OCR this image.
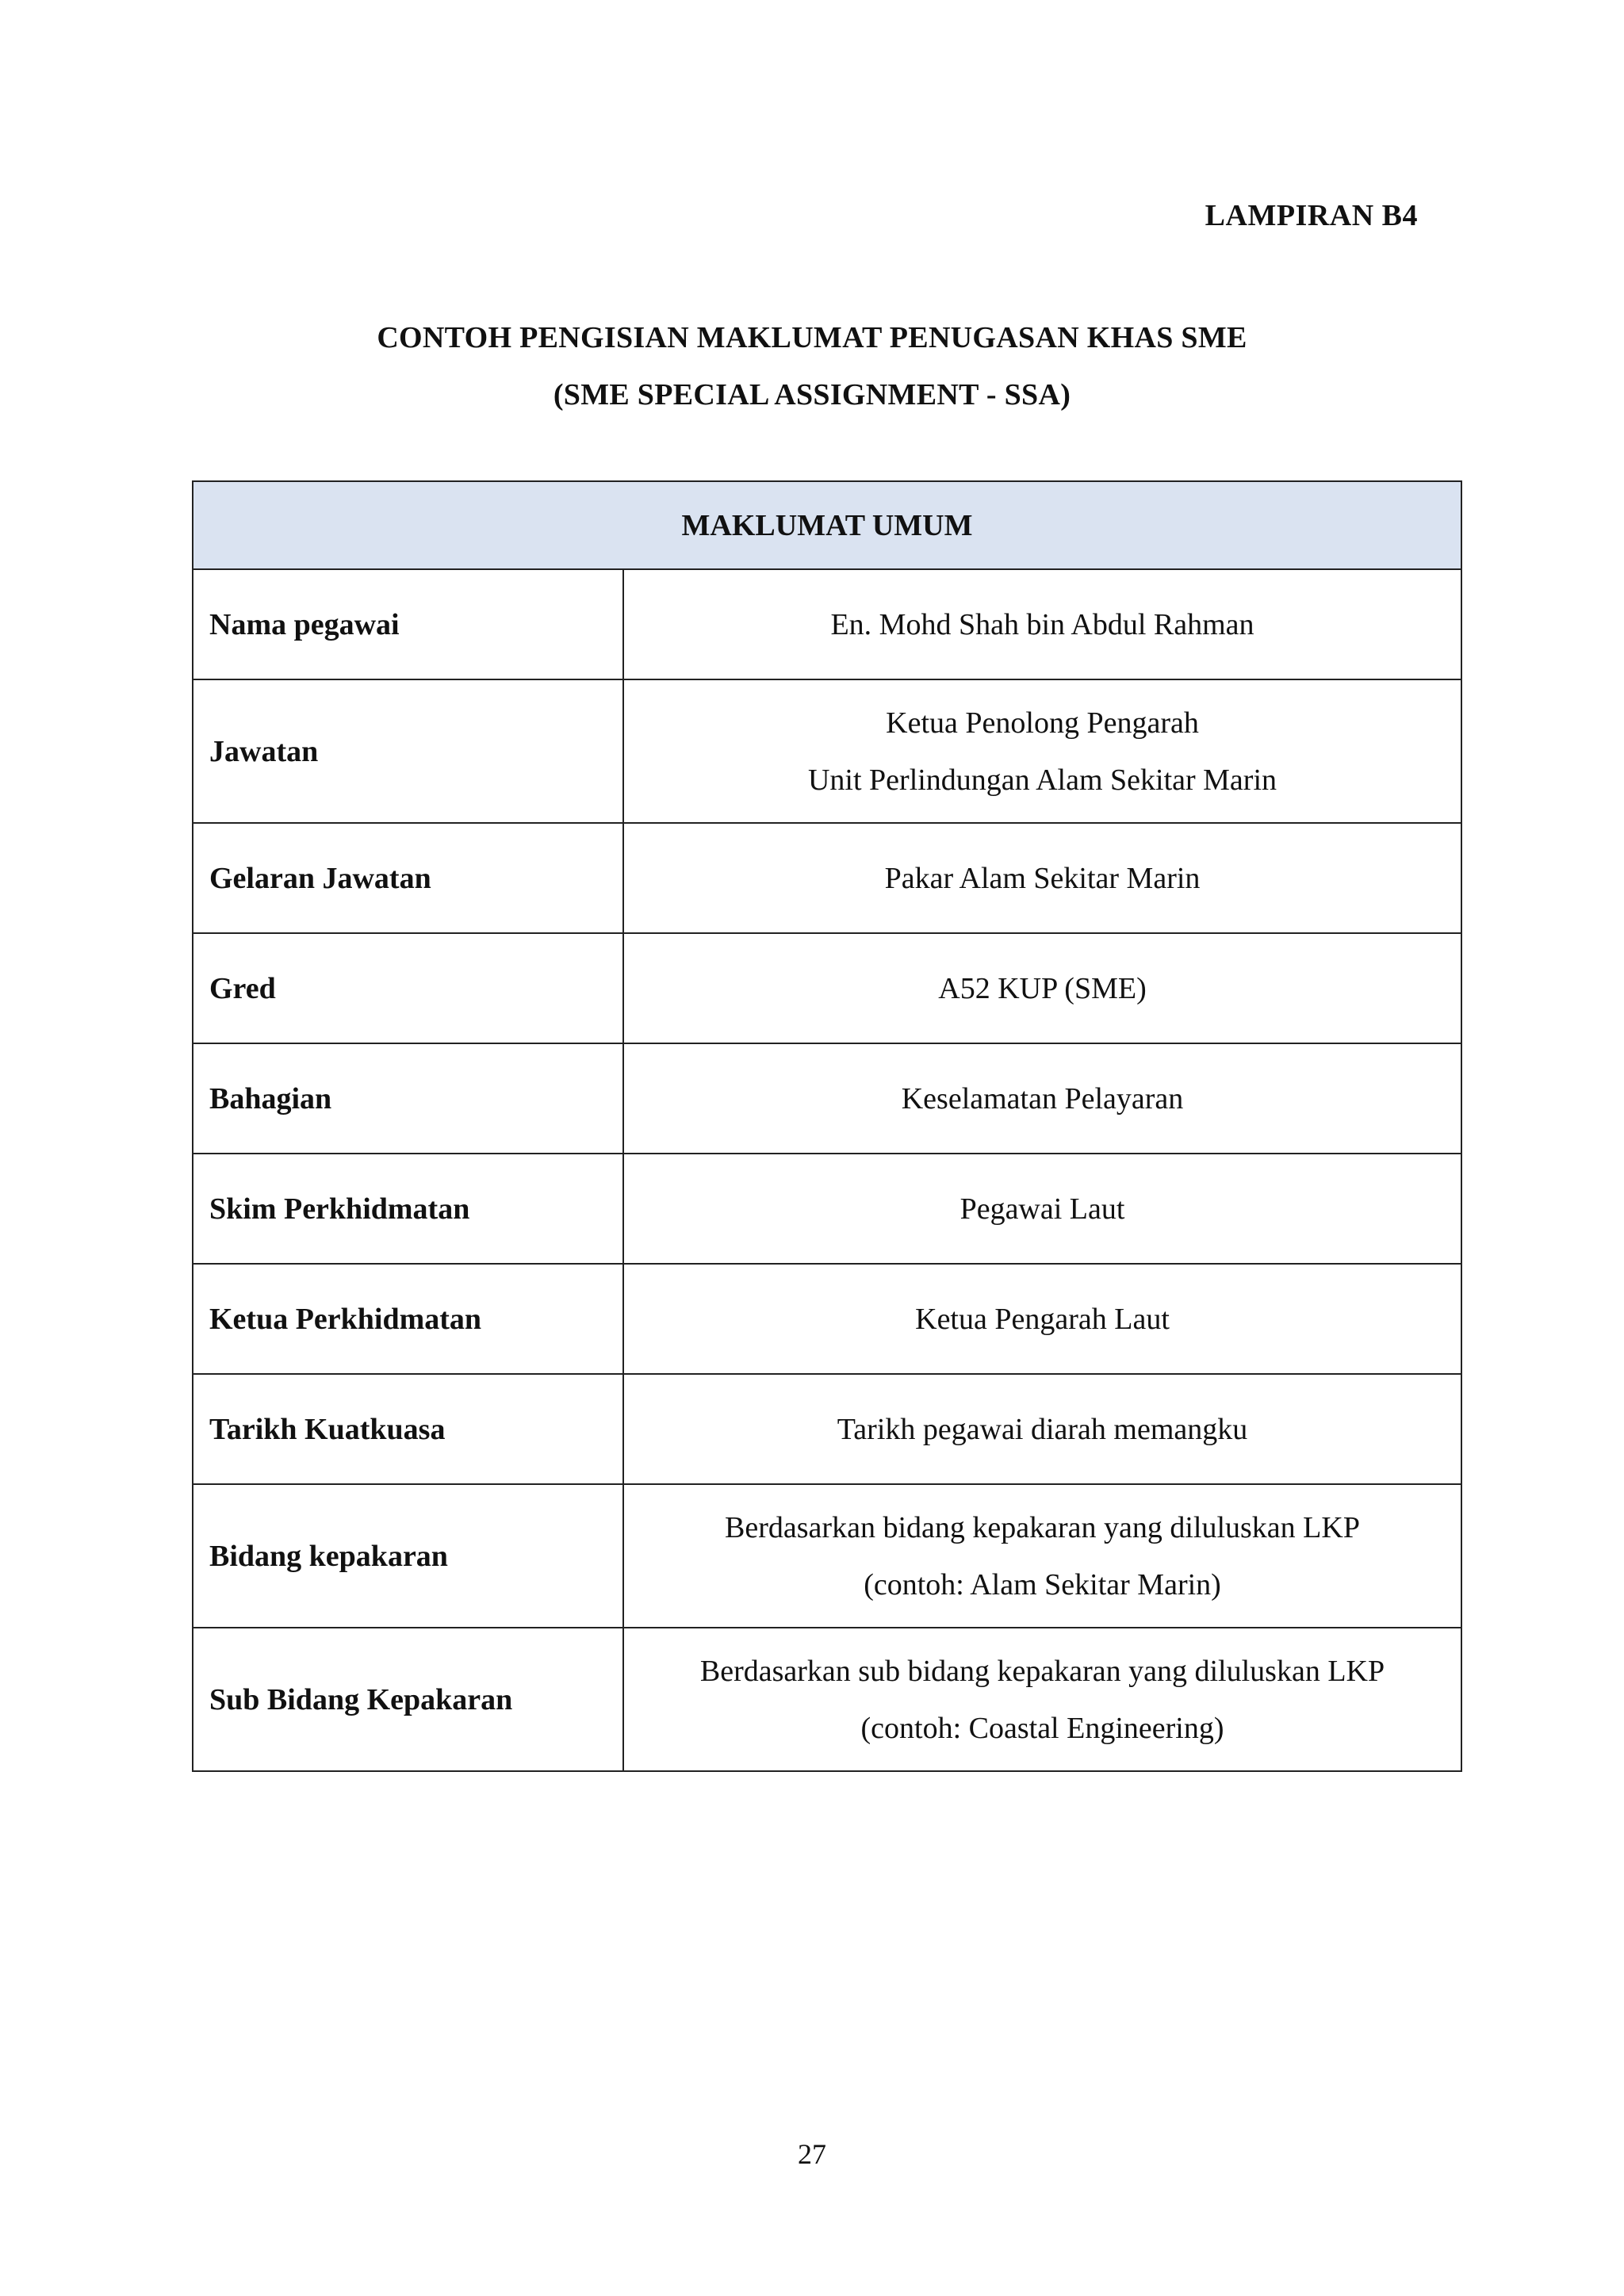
LAMPIRAN B4
CONTOH PENGISIAN MAKLUMAT PENUGASAN KHAS SME
(SME SPECIAL ASSIGNMENT - SSA)
MAKLUMAT UMUM	
Nama pegawai	En. Mohd Shah bin Abdul Rahman

Jawatan	Ketua Penolong Pengarah
Unit Perlindungan Alam Sekitar Marin

Gelaran Jawatan	Pakar Alam Sekitar Marin

Gred	A52 KUP (SME)

Bahagian	Keselamatan Pelayaran

Skim Perkhidmatan	Pegawai Laut

Ketua Perkhidmatan	Ketua Pengarah Laut

Tarikh Kuatkuasa	Tarikh pegawai diarah memangku

Bidang kepakaran	Berdasarkan bidang kepakaran yang diluluskan LKP
(contoh: Alam Sekitar Marin)

Sub Bidang Kepakaran	Berdasarkan sub bidang kepakaran yang diluluskan LKP
(contoh: Coastal Engineering)
27
